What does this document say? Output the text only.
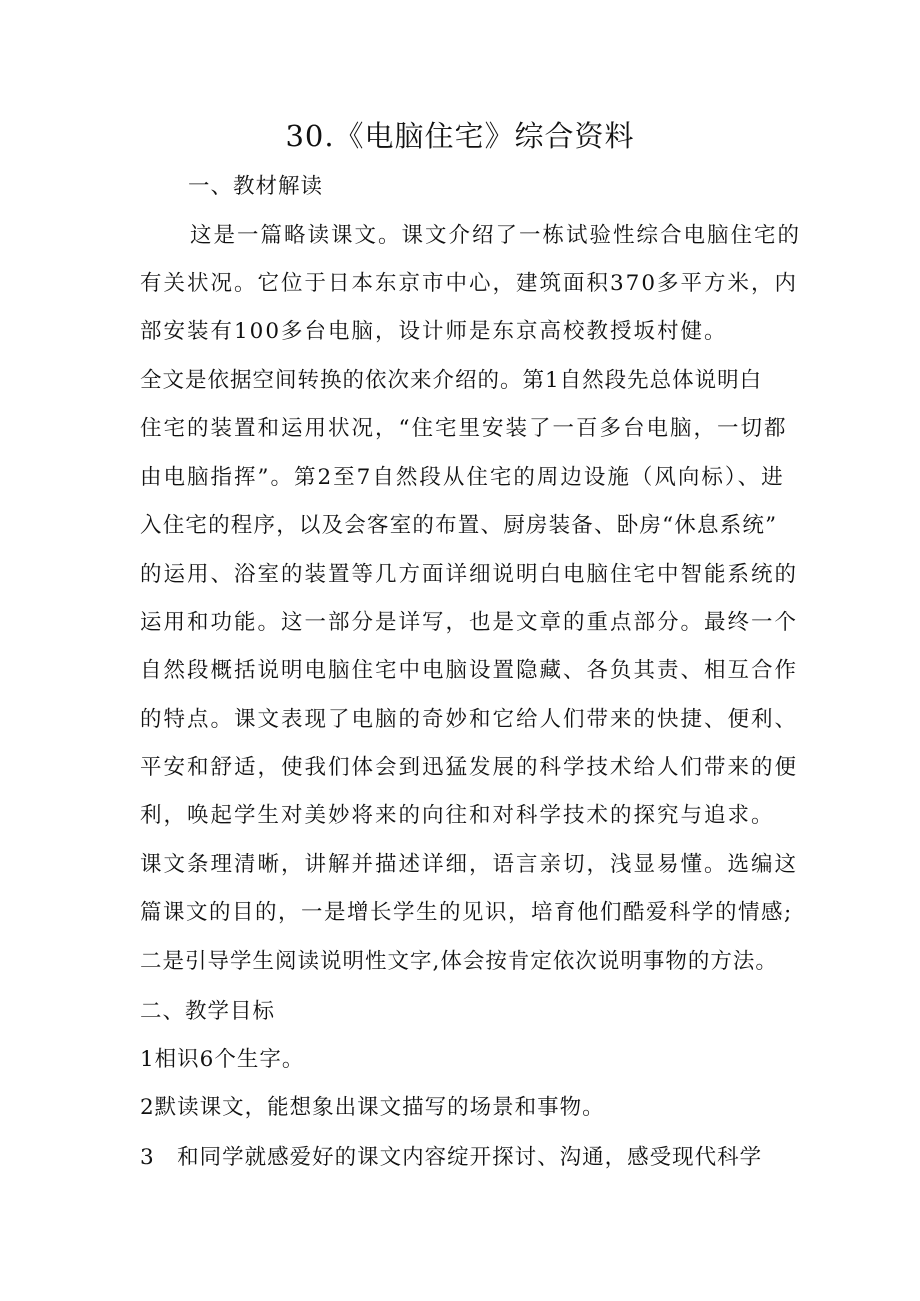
30.《电脑住宅》综合资料
一、教材解读
这是一篇略读课文。课文介绍了一栋试验性综合电脑住宅的
有关状况。它位于日本东京市中心，建筑面积370多平方米，内
部安装有100多台电脑，设计师是东京高校教授坂村健。
全文是依据空间转换的依次来介绍的。第1自然段先总体说明白
住宅的装置和运用状况，“住宅里安装了一百多台电脑，一切都
由电脑指挥”。第2至7自然段从住宅的周边设施（风向标）、进
入住宅的程序，以及会客室的布置、厨房装备、卧房“休息系统”
的运用、浴室的装置等几方面详细说明白电脑住宅中智能系统的
运用和功能。这一部分是详写，也是文章的重点部分。最终一个
自然段概括说明电脑住宅中电脑设置隐藏、各负其责、相互合作
的特点。课文表现了电脑的奇妙和它给人们带来的快捷、便利、
平安和舒适，使我们体会到迅猛发展的科学技术给人们带来的便
利，唤起学生对美妙将来的向往和对科学技术的探究与追求。
课文条理清晰，讲解并描述详细，语言亲切，浅显易懂。选编这
篇课文的目的，一是增长学生的见识，培育他们酷爱科学的情感;
二是引导学生阅读说明性文字,体会按肯定依次说明事物的方法。
二、教学目标
1相识6个生字。
2默读课文，能想象出课文描写的场景和事物。
3　和同学就感爱好的课文内容绽开探讨、沟通，感受现代科学
